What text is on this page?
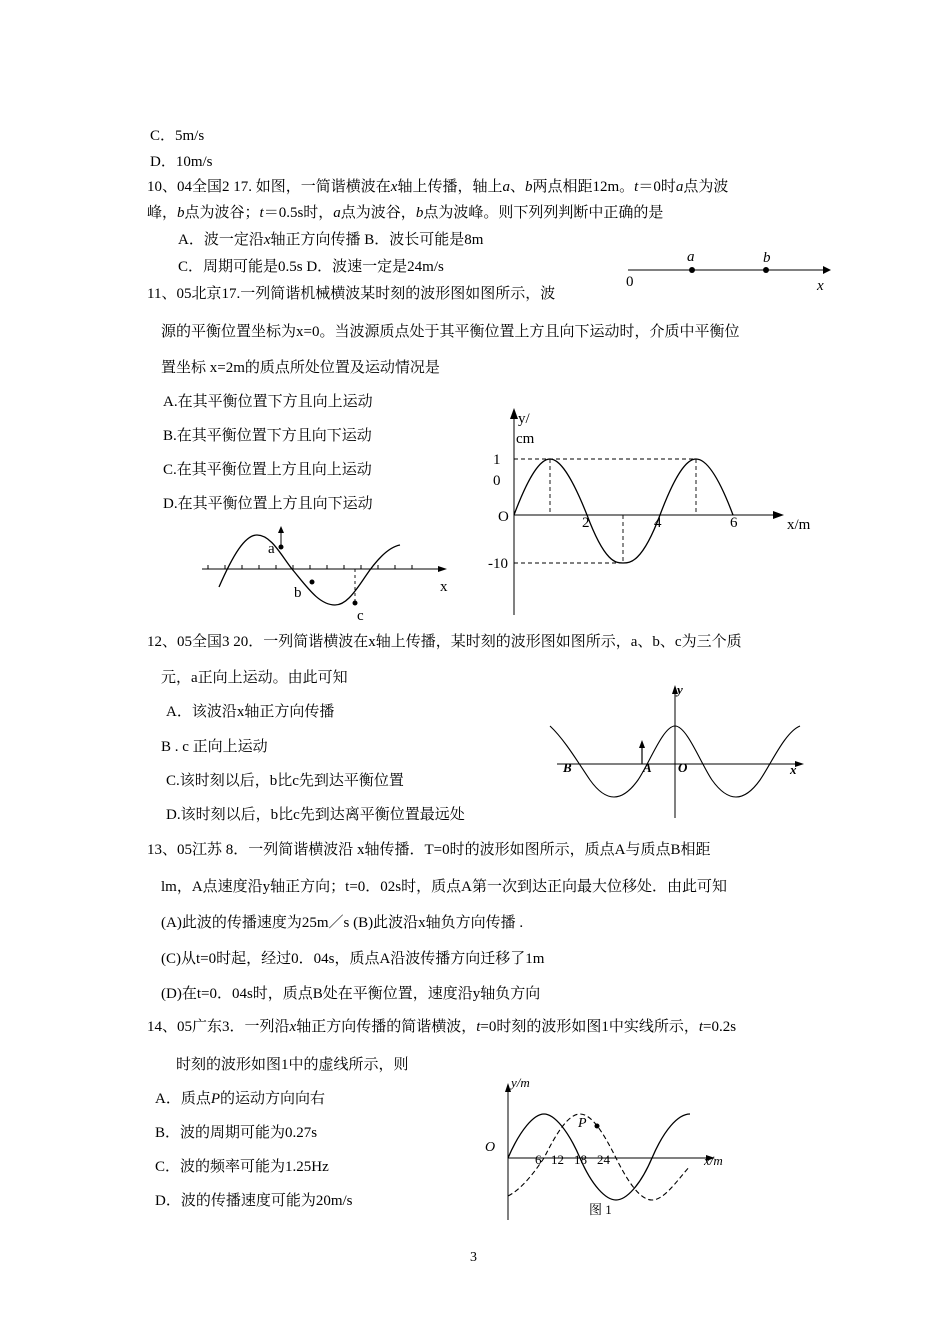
C．5m/s
D．10m/s
10、04全国2 17. 如图，一简谐横波在x轴上传播，轴上a、b两点相距12m。t＝0时a点为波
峰，b点为波谷；t＝0.5s时，a点为波谷，b点为波峰。则下列列判断中正确的是
A．波一定沿x轴正方向传播 B．波长可能是8m
C．周期可能是0.5s D．波速一定是24m/s
a	b
0	x
11、05北京17.一列简谐机械横波某时刻的波形图如图所示，波
源的平衡位置坐标为x=0。当波源质点处于其平衡位置上方且向下运动时，介质中平衡位
置坐标 x=2m的质点所处位置及运动情况是
A.在其平衡位置下方且向上运动
B.在其平衡位置下方且向下运动
C.在其平衡位置上方且向上运动
D.在其平衡位置上方且向下运动
y/
cm
1
0
O	2	4	6	x/m
-10
a
b
c
x
12、05全国3 20．一列简谐横波在x轴上传播，某时刻的波形图如图所示，a、b、c为三个质
元，a正向上运动。由此可知
A．该波沿x轴正方向传播
B . c 正向上运动
C.该时刻以后，b比c先到达平衡位置
D.该时刻以后，b比c先到达离平衡位置最远处
y
B	A O	x
13、05江苏 8．一列简谐横波沿 x轴传播．T=0时的波形如图所示，质点A与质点B相距
lm，A点速度沿y轴正方向；t=0．02s时，质点A第一次到达正向最大位移处．由此可知
(A)此波的传播速度为25m／s (B)此波沿x轴负方向传播 .
(C)从t=0时起，经过0．04s，质点A沿波传播方向迁移了1m
(D)在t=0．04s时，质点B处在平衡位置，速度沿y轴负方向
14、05广东3．一列沿x轴正方向传播的简谐横波，t=0时刻的波形如图1中实线所示，t=0.2s
时刻的波形如图1中的虚线所示，则
A．质点P的运动方向向右
B．波的周期可能为0.27s
C．波的频率可能为1.25Hz
D．波的传播速度可能为20m/s
y/m
O
P
6 12 18 24	x/m
图 1
3
